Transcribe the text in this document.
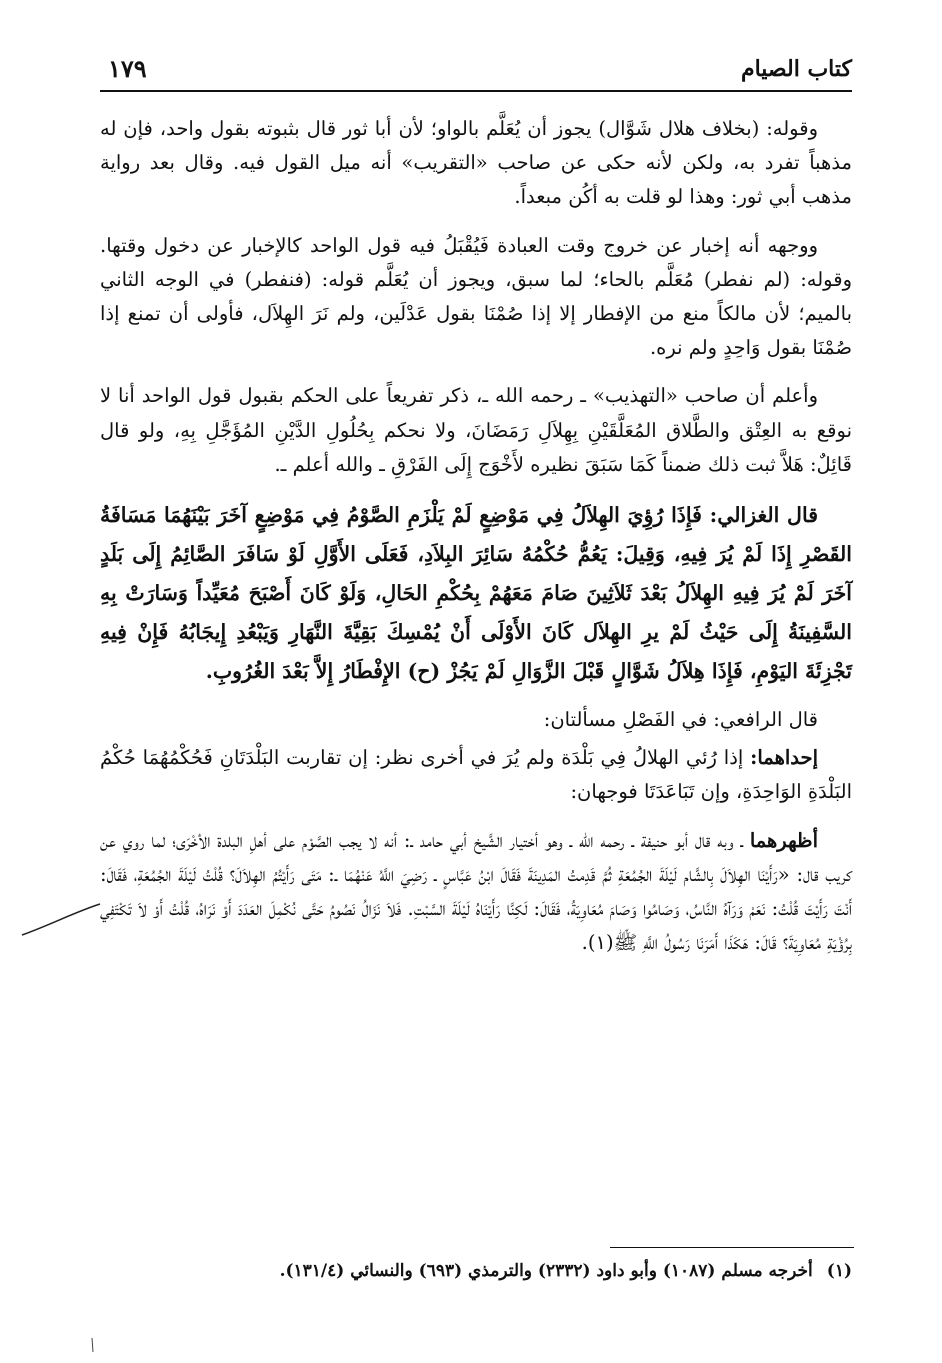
كتاب الصيام
١٧٩

وقوله: (بخلاف هلال شَوَّال) يجوز أن يُعَلَّم بالواو؛ لأن أبا ثور قال بثبوته بقول واحد، فإن له مذهباً تفرد به، ولكن لأنه حكى عن صاحب «التقريب» أنه ميل القول فيه. وقال بعد رواية مذهب أبي ثور: وهذا لو قلت به أكُن مبعداً.

ووجهه أنه إخبار عن خروج وقت العبادة فَيُقْبَلُ فيه قول الواحد كالإخبار عن دخول وقتها. وقوله: (لم نفطر) مُعَلَّم بالحاء؛ لما سبق، ويجوز أن يُعَلَّم قوله: (فنفطر) في الوجه الثاني بالميم؛ لأن مالكاً منع من الإفطار إلا إذا صُمْنَا بقول عَدْلَين، ولم نَرَ الهِلاَل، فأولى أن تمنع إذا صُمْنَا بقول وَاحِدٍ ولم نره.

وأعلم أن صاحب «التهذيب» ـ رحمه الله ـ، ذكر تفريعاً على الحكم بقبول قول الواحد أنا لا نوقع به العِتْق والطَّلاق المُعَلَّقَيْنِ بِهِلاَلِ رَمَضَانَ، ولا نحكم بِحُلُولِ الدَّيْنِ المُؤَجَّلِ بِهِ، ولو قال قَائِلٌ: هَلاَّ ثبت ذلك ضمناً كَمَا سَبَقَ نظيره لأَخْوَج إِلَى الفَرْقِ ـ والله أعلم ـ.

قال الغزالي: فَإِذَا رُؤِيَ الهِلاَلُ فِي مَوْضِعٍ لَمْ يَلْزَمِ الصَّوْمُ فِي مَوْضِعٍ آخَرَ بَيْنَهُمَا مَسَافَةُ القَصْرِ إِذَا لَمْ يُرَ فِيهِ، وَقِيلَ: يَعُمُّ حُكْمُهُ سَائِرَ البِلاَدِ، فَعَلَى الأَوَّلِ لَوْ سَافَرَ الصَّائِمُ إِلَى بَلَدٍ آخَرَ لَمْ يُرَ فِيهِ الهِلاَلُ بَعْدَ ثَلاَثِينَ صَامَ مَعَهُمْ بِحُكْمِ الحَالِ، وَلَوْ كَانَ أَصْبَحَ مُعَيِّداً وَسَارَتْ بِهِ السَّفِينَةُ إِلَى حَيْثُ لَمْ يرِ الهِلاَل كَانَ الأَوْلَى أَنْ يُمْسِكَ بَقِيَّةَ النَّهَارِ وَيَبْعُدِ إِيجَابُهُ فَإِنْ فِيهِ تَجْزِئَةَ اليَوْمِ، فَإِذَا هِلاَلُ شَوَّالٍ قَبْلَ الزَّوَالِ لَمْ يَجُزْ (ح) الإِفْطَارُ إِلاَّ بَعْدَ الغُرُوبِ.

قال الرافعي: في الفَصْلِ مسألتان:

إحداهما: إذا رُئي الهلالُ فِي بَلْدَة ولم يُرَ في أخرى نظر: إن تقاربت البَلْدَتَانِ فَحُكْمُهُمَا حُكْمُ البَلْدَةِ الوَاحِدَةِ، وإن تَبَاعَدَتَا فوجهان:

أظهرهما ـ وبه قال أبو حنيفة ـ رحمه الله ـ وهو أختيار الشَّيخ أبي حامد ـ: أنه لا يجب الصَّوْم على أهلِ البلدة الأخْرَى؛ لما روي عن كريب قال: «رَأَيْنَا الهِلاَلَ بِالشَّام لَيْلَةَ الجُمُعَةِ ثُمَّ قَدِمتُ المَدِينَةَ فَقَالَ ابْنُ عَبَّاسٍ ـ رَضِيَ اللَّهُ عَنْهُمَا ـ: مَتَى رَأَيْتُمُ الهِلاَلَ؟ قُلْتُ لَيْلَةَ الجُمُعَةِ، فَقَالَ: أَنْتَ رَأَيْتَ قُلْتُ: نَعَمْ وَرَآهُ النَّاسُ، وَصَامُوا وَصَامَ مُعَاوِيَةُ، فَقَالَ: لَكِنَّا رَأَيْنَاهُ لَيْلَةَ السَّبْتِ. فَلاَ نَزَالُ نَصُومُ حَتَّى نُكْمِلَ العَدَدَ أَوْ نَرَاهُ، قُلْتُ أَوْ لاَ تَكْتَفِي بِرُؤْيَةِ مُعَاوِيَةَ؟ قَالَ: هَكَذَا أَمَرَنَا رَسُولُ اللَّهِ ﷺ(١).

(١)أخرجه مسلم (١٠٨٧) وأبو داود (٢٣٣٢) والترمذي (٦٩٣) والنسائي (١٣١/٤).
